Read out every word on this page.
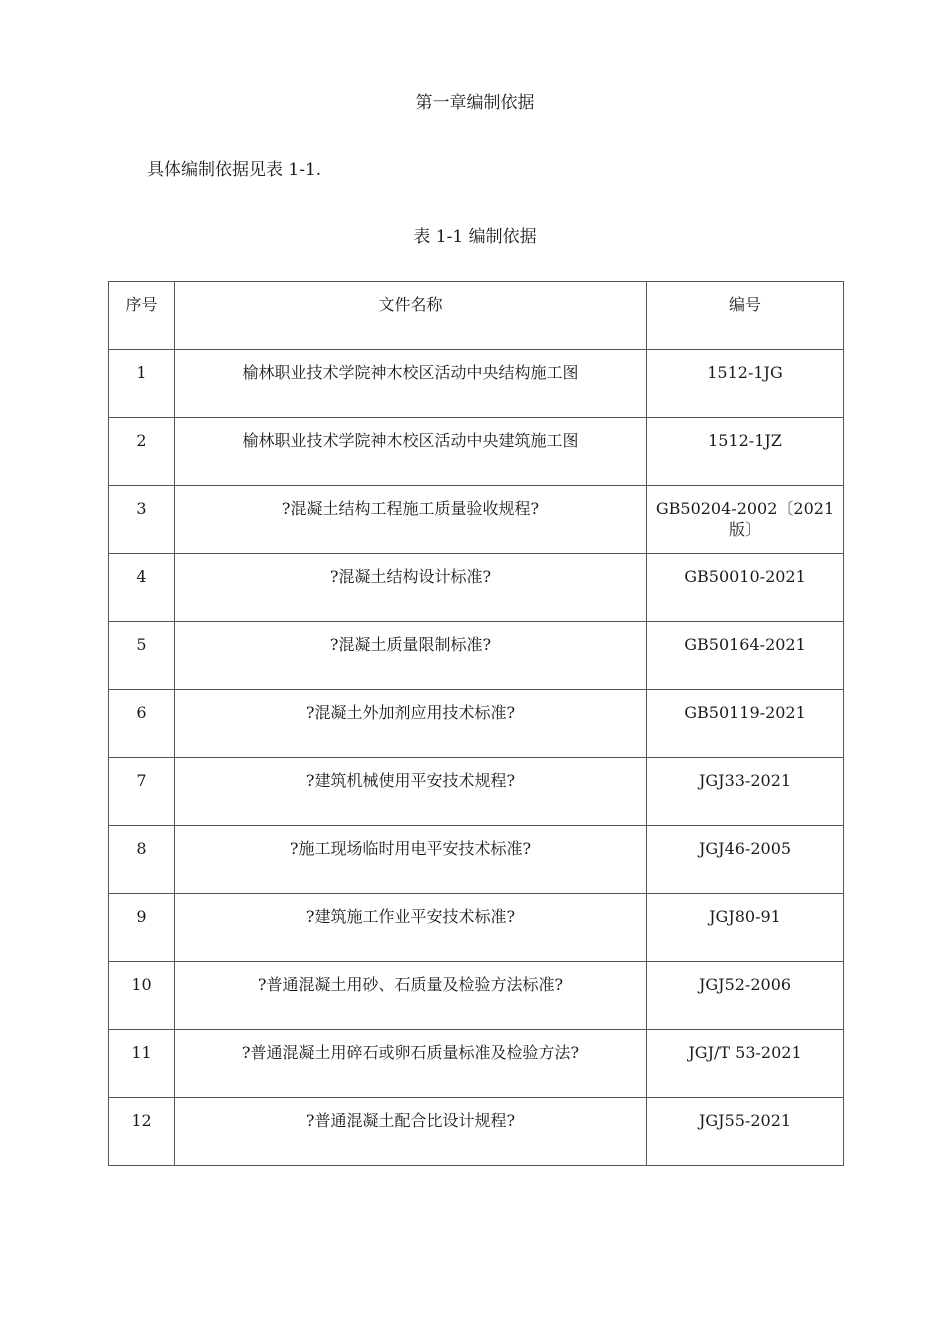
第一章编制依据
具体编制依据见表 1-1.
表 1-1 编制依据
序号	文件名称	编号
1	榆林职业技术学院神木校区活动中央结构施工图	1512-1JG
2	榆林职业技术学院神木校区活动中央建筑施工图	1512-1JZ
3	?混凝土结构工程施工质量验收规程?	GB50204-2002〔2021版〕
4	?混凝土结构设计标准?	GB50010-2021
5	?混凝土质量限制标准?	GB50164-2021
6	?混凝土外加剂应用技术标准?	GB50119-2021
7	?建筑机械使用平安技术规程?	JGJ33-2021
8	?施工现场临时用电平安技术标准?	JGJ46-2005
9	?建筑施工作业平安技术标准?	JGJ80-91
10	?普通混凝土用砂、石质量及检验方法标准?	JGJ52-2006
11	?普通混凝土用碎石或卵石质量标准及检验方法?	JGJ/T 53-2021
12	?普通混凝土配合比设计规程?	JGJ55-2021
